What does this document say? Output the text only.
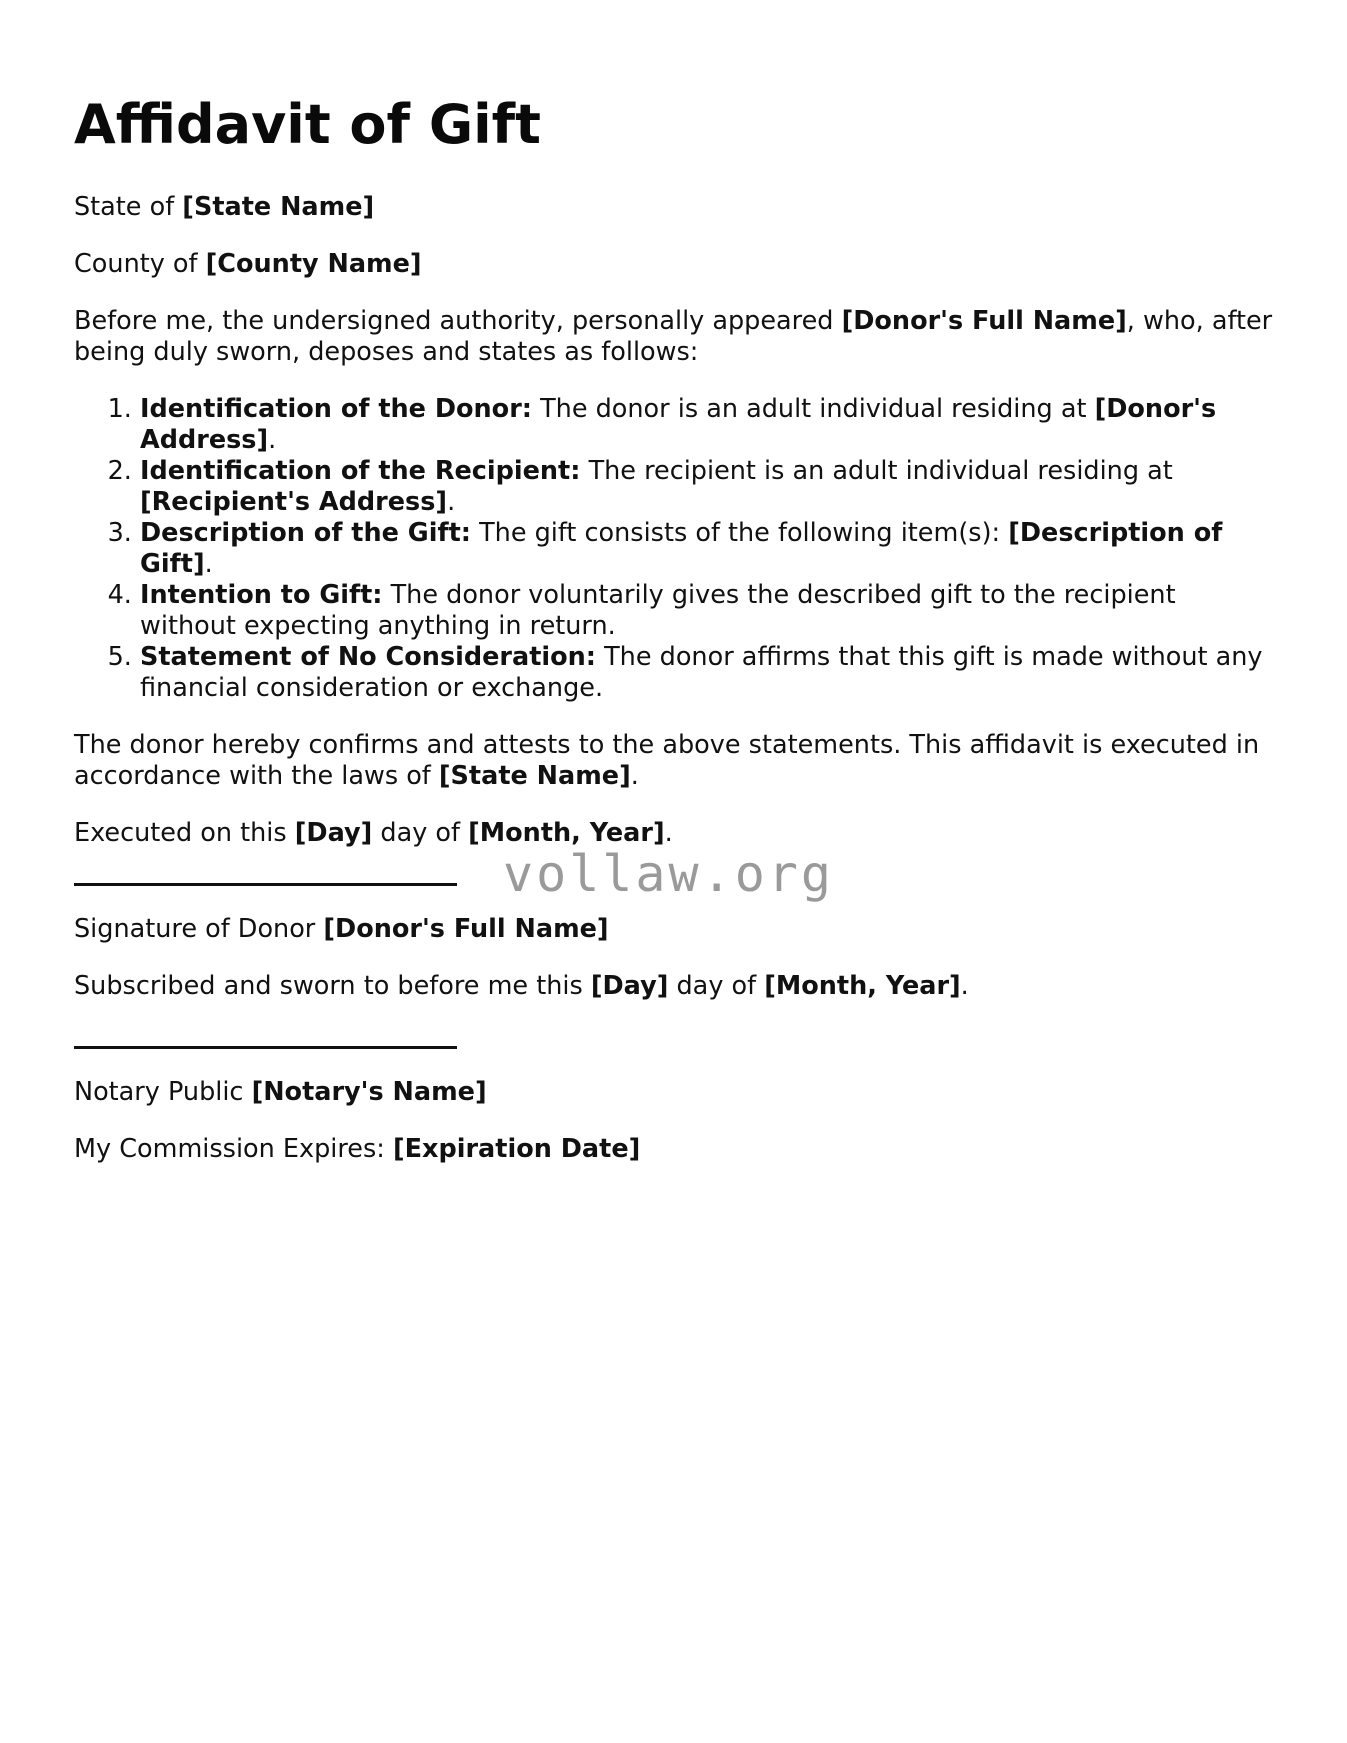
Affidavit of Gift

State of [State Name]

County of [County Name]

Before me, the undersigned authority, personally appeared [Donor's Full Name], who, after being duly sworn, deposes and states as follows:

1. Identification of the Donor: The donor is an adult individual residing at [Donor's Address].
2. Identification of the Recipient: The recipient is an adult individual residing at [Recipient's Address].
3. Description of the Gift: The gift consists of the following item(s): [Description of Gift].
4. Intention to Gift: The donor voluntarily gives the described gift to the recipient without expecting anything in return.
5. Statement of No Consideration: The donor affirms that this gift is made without any financial consideration or exchange.

The donor hereby confirms and attests to the above statements. This affidavit is executed in accordance with the laws of [State Name].

Executed on this [Day] day of [Month, Year].

Signature of Donor [Donor's Full Name]

Subscribed and sworn to before me this [Day] day of [Month, Year].

Notary Public [Notary's Name]

My Commission Expires: [Expiration Date]

vollaw.org
